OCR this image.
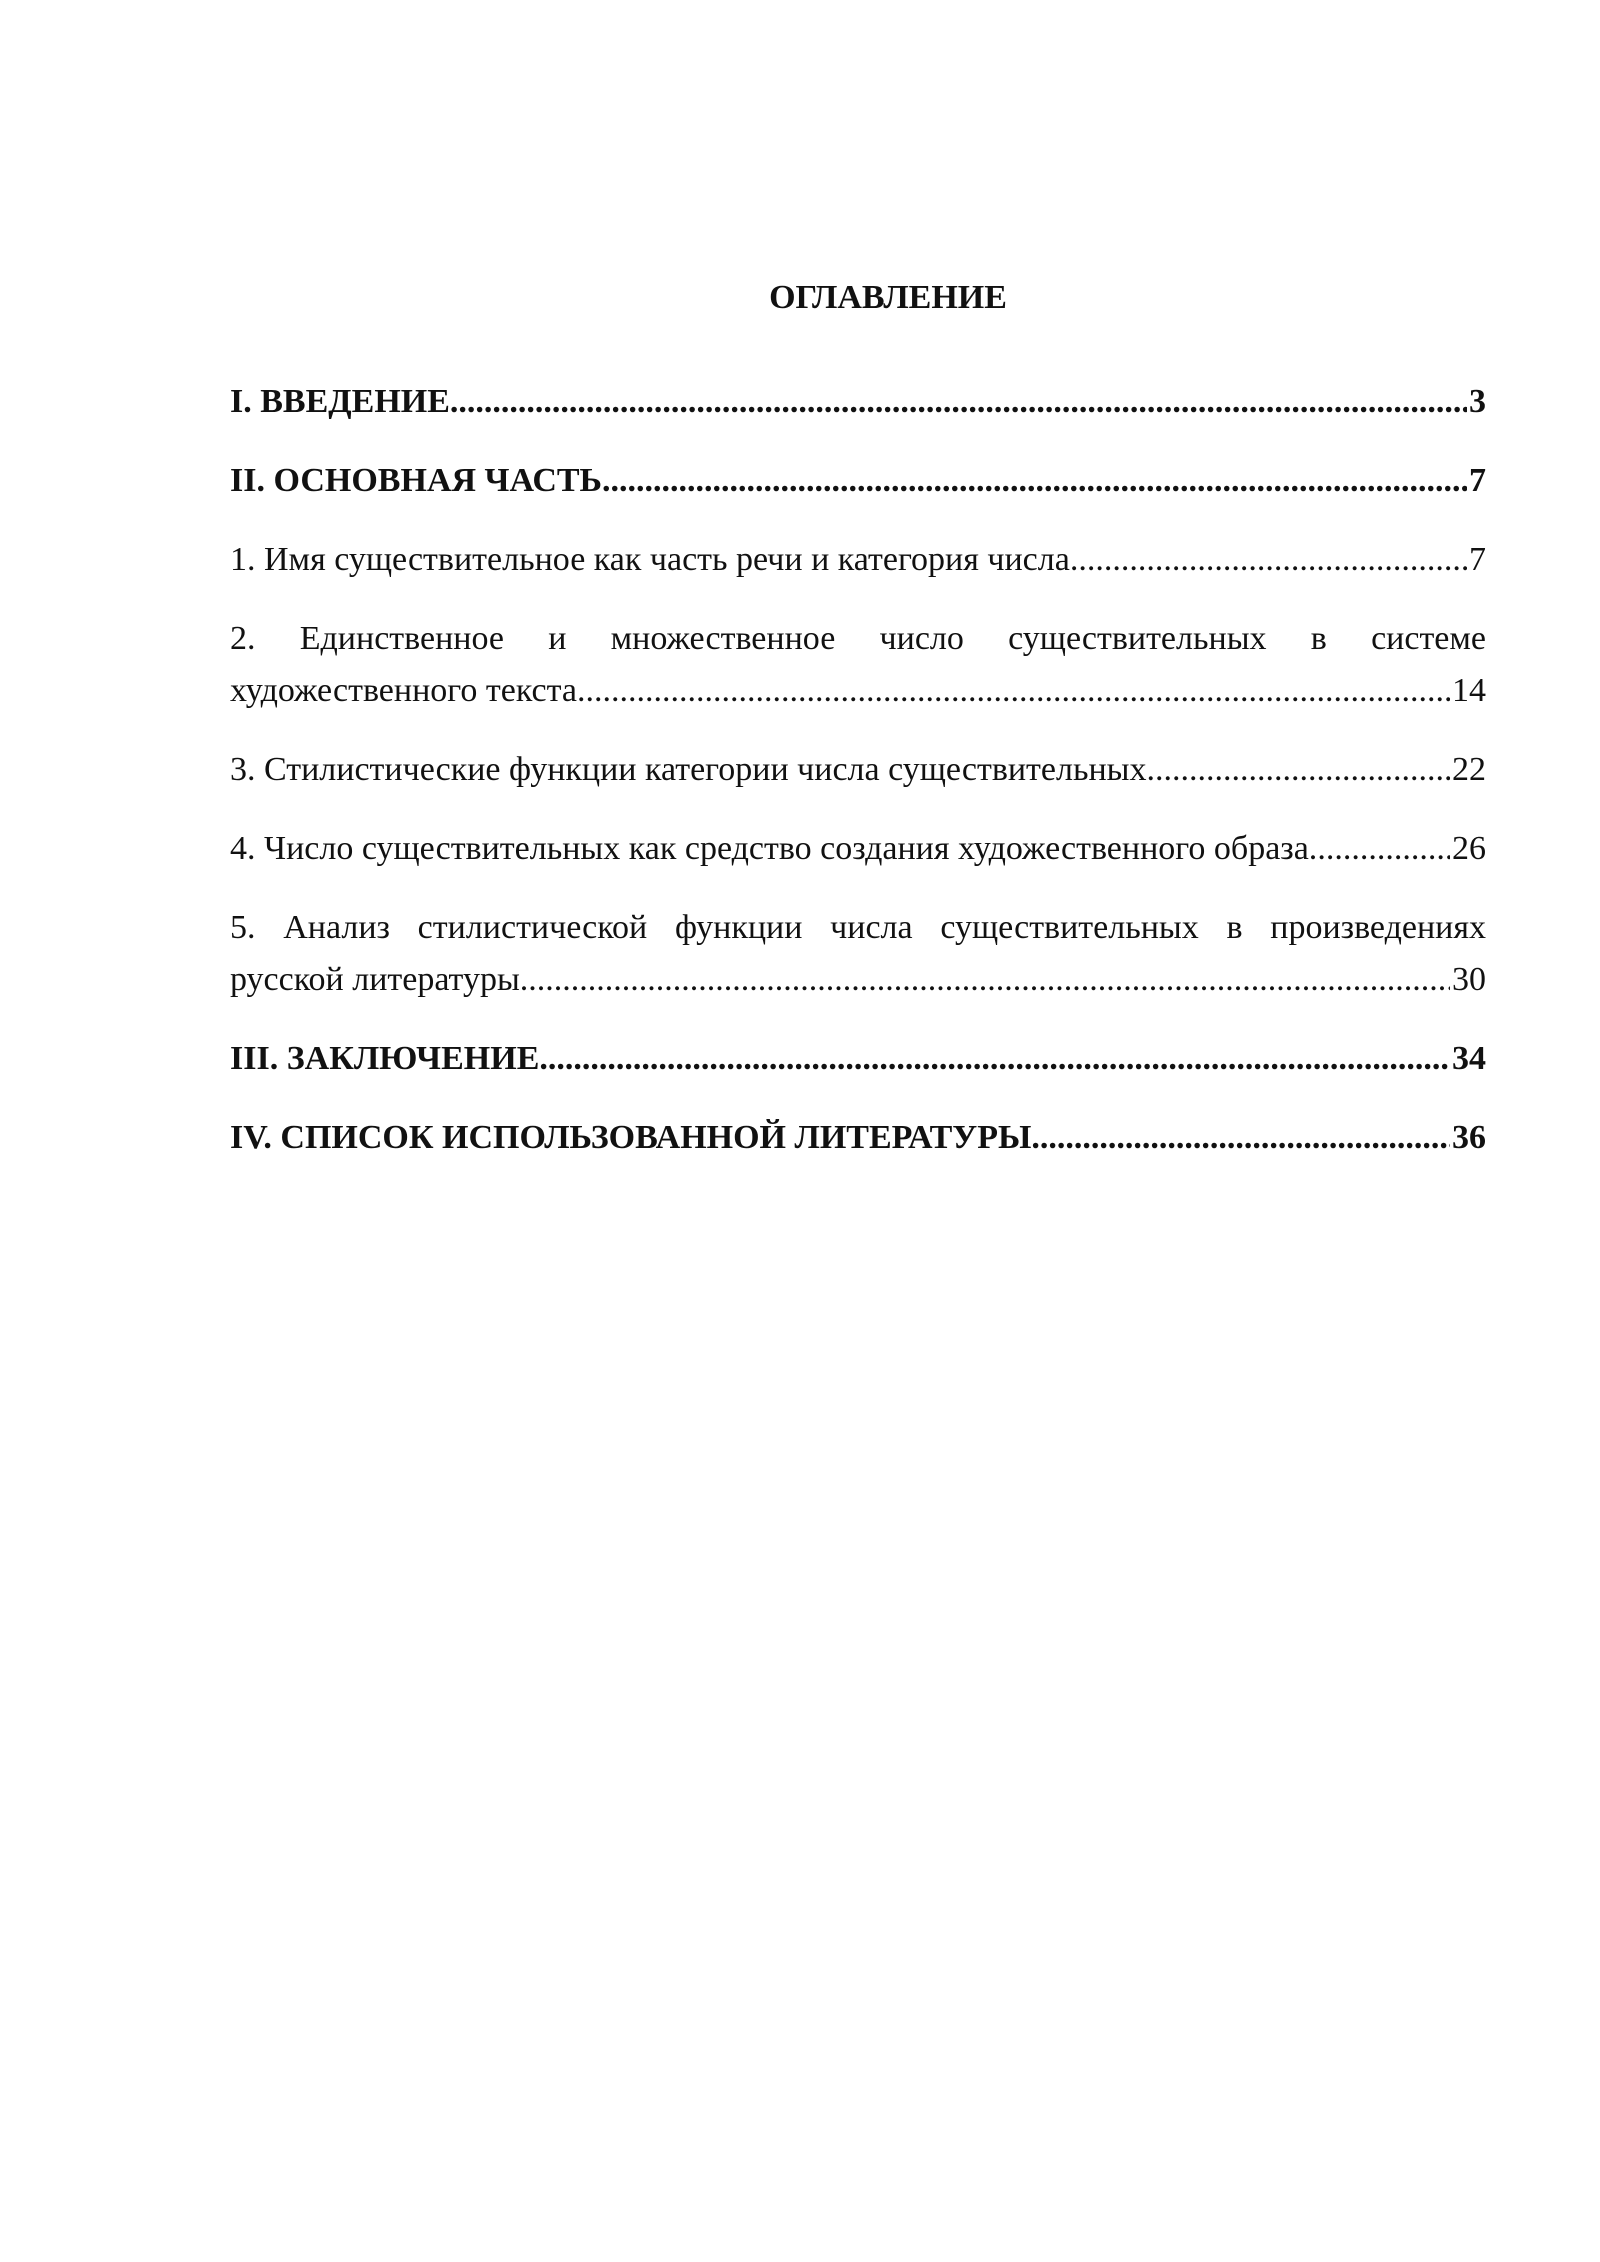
ОГЛАВЛЕНИЕ
I. ВВЕДЕНИЕ .....	3
II. ОСНОВНАЯ ЧАСТЬ .....	7
1. Имя существительное как часть речи и категория числа .....	7
2. Единственное и множественное число существительных в системе
художественного текста .....	14
3. Стилистические функции категории числа существительных .....	22
4. Число существительных как средство создания художественного образа. .....	26
5. Анализ стилистической функции числа существительных в произведениях
русской литературы .....	30
III. ЗАКЛЮЧЕНИЕ .....	34
IV. СПИСОК ИСПОЛЬЗОВАННОЙ ЛИТЕРАТУРЫ .....	36
